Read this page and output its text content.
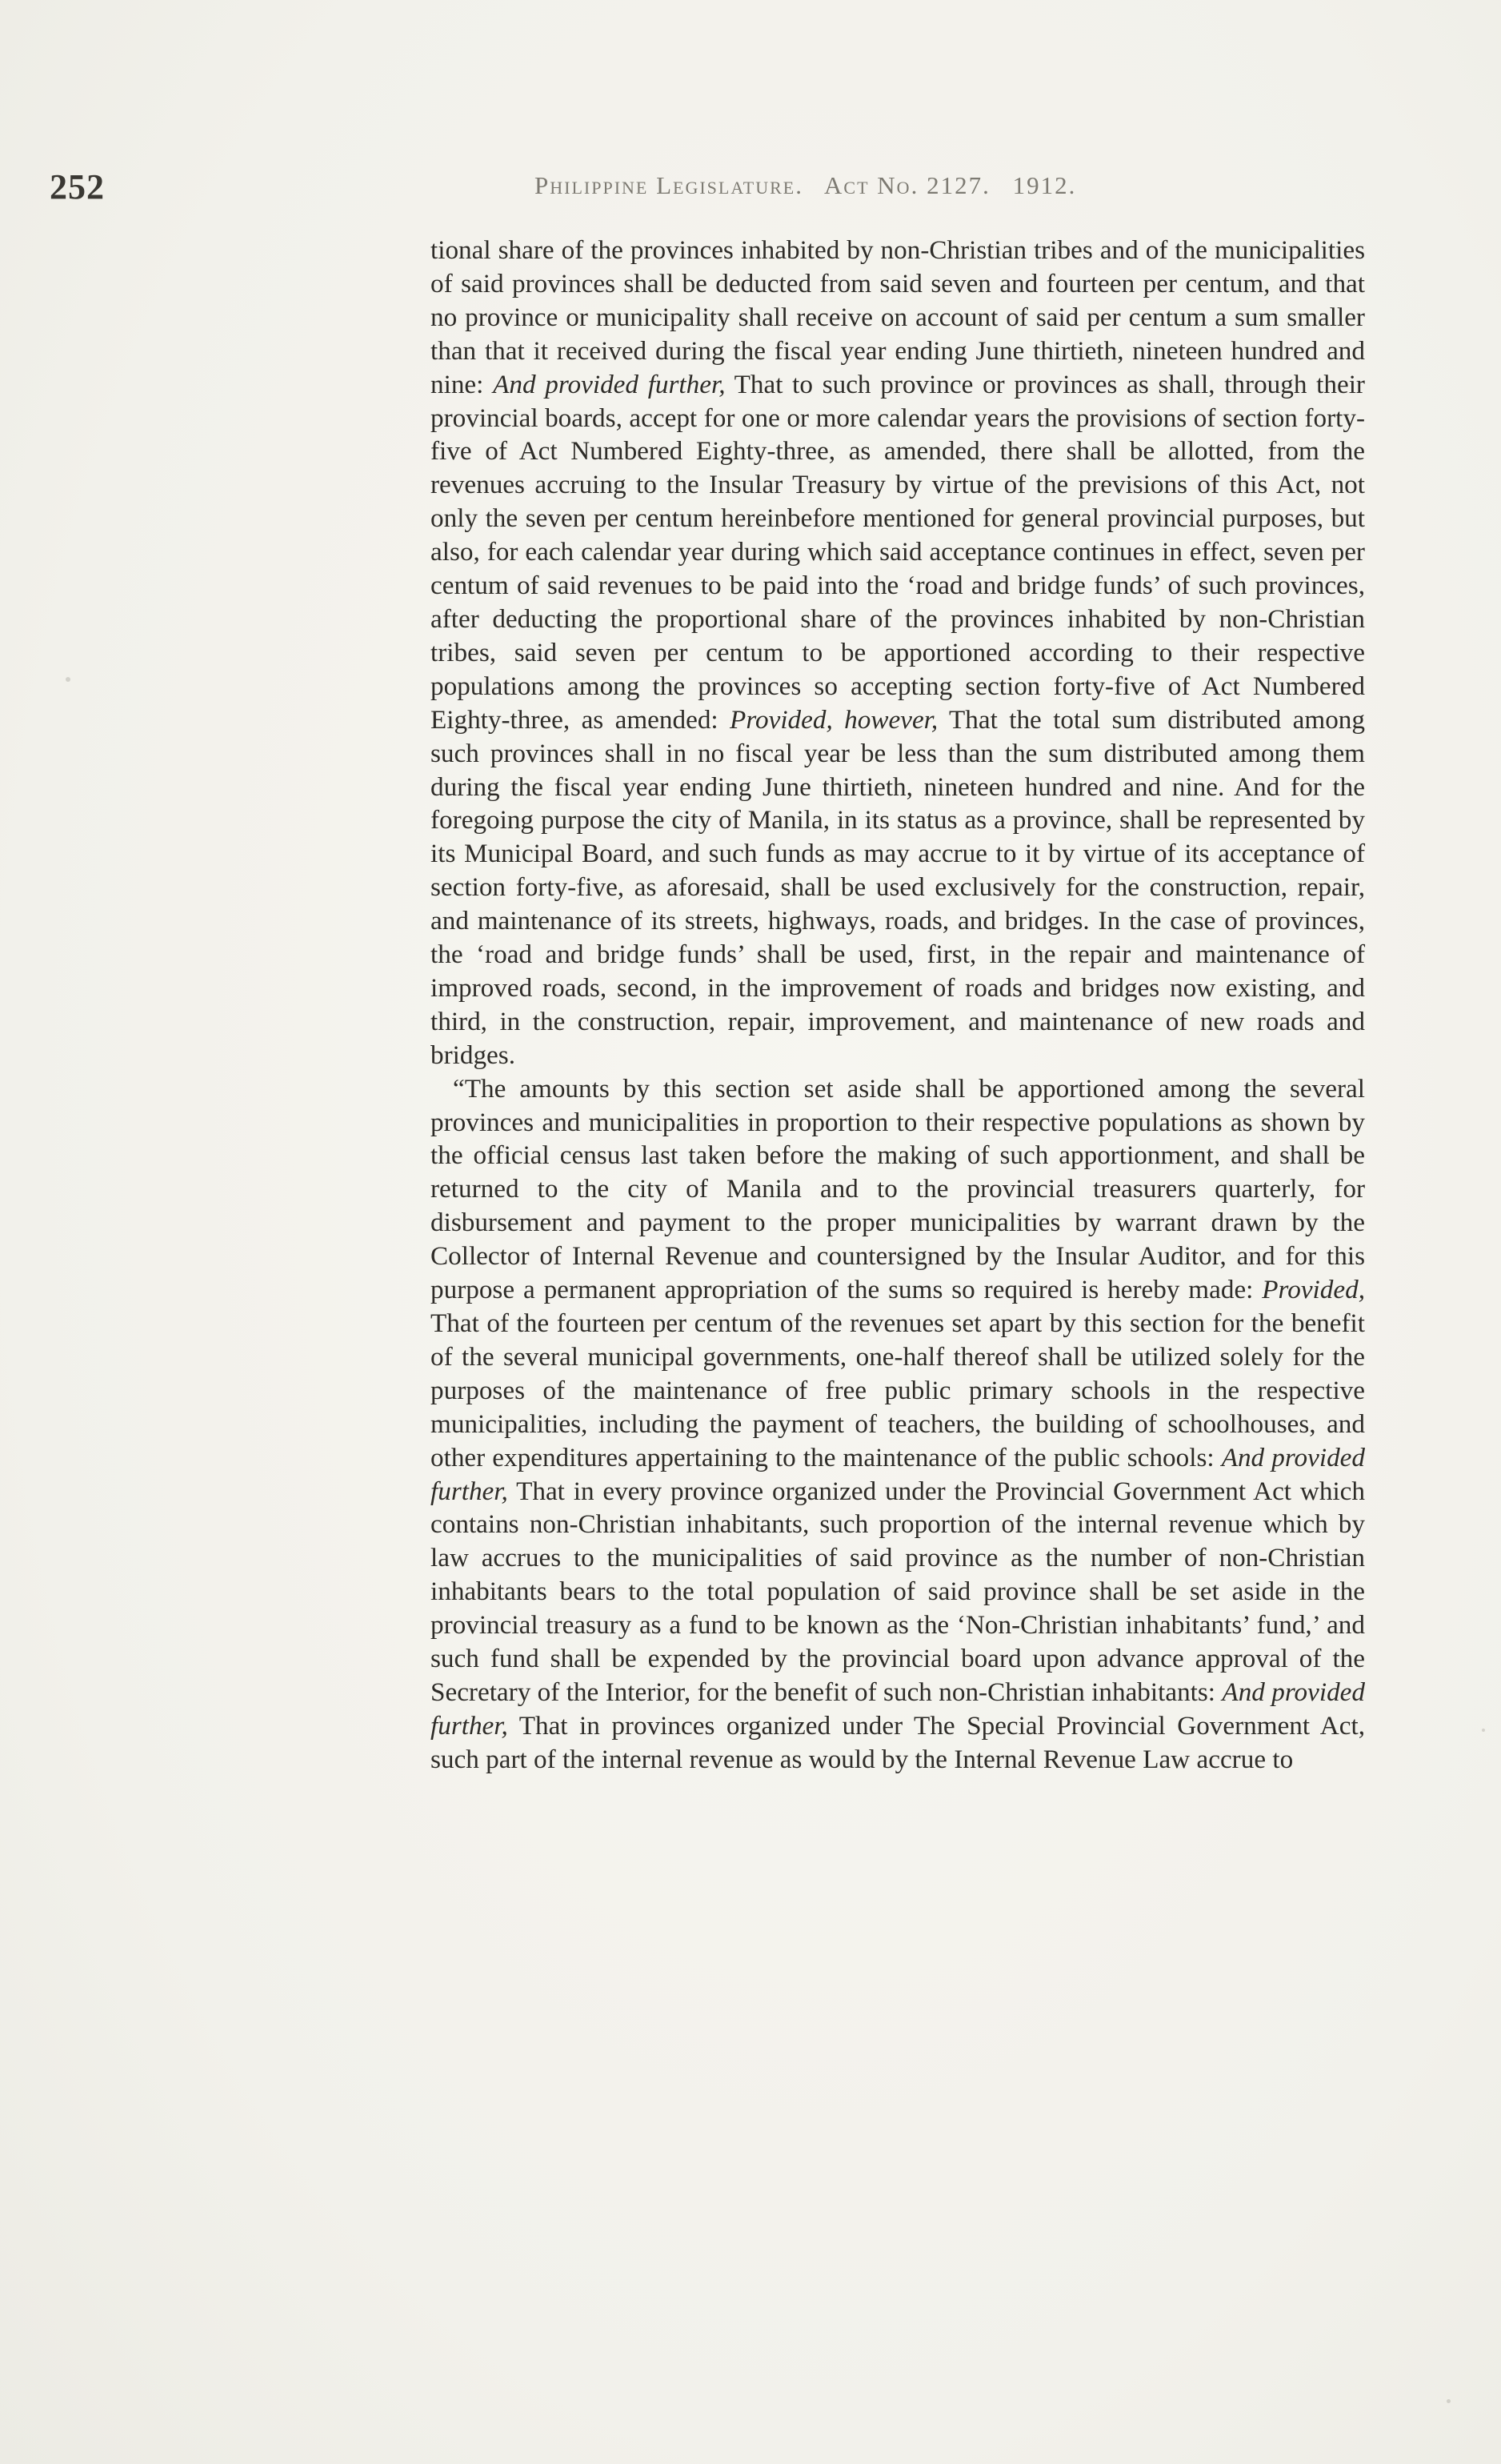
252	Philippine Legislature. Act No. 2127. 1912.

tional share of the provinces inhabited by non-Christian tribes and of the municipalities of said provinces shall be deducted from said seven and fourteen per centum, and that no province or municipality shall receive on account of said per centum a sum smaller than that it received during the fiscal year ending June thirtieth, nineteen hundred and nine: And provided further, That to such province or provinces as shall, through their provincial boards, accept for one or more calendar years the provisions of section forty-five of Act Numbered Eighty-three, as amended, there shall be allotted, from the revenues accruing to the Insular Treasury by virtue of the previsions of this Act, not only the seven per centum hereinbefore mentioned for general provincial purposes, but also, for each calendar year during which said acceptance continues in effect, seven per centum of said revenues to be paid into the ‘road and bridge funds’ of such provinces, after deducting the proportional share of the provinces inhabited by non-Christian tribes, said seven per centum to be apportioned according to their respective populations among the provinces so accepting section forty-five of Act Numbered Eighty-three, as amended: Provided, however, That the total sum distributed among such provinces shall in no fiscal year be less than the sum distributed among them during the fiscal year ending June thirtieth, nineteen hundred and nine. And for the foregoing purpose the city of Manila, in its status as a province, shall be represented by its Municipal Board, and such funds as may accrue to it by virtue of its acceptance of section forty-five, as aforesaid, shall be used exclusively for the construction, repair, and maintenance of its streets, highways, roads, and bridges. In the case of provinces, the ‘road and bridge funds’ shall be used, first, in the repair and maintenance of improved roads, second, in the improvement of roads and bridges now existing, and third, in the construction, repair, improvement, and maintenance of new roads and bridges.

“The amounts by this section set aside shall be apportioned among the several provinces and municipalities in proportion to their respective populations as shown by the official census last taken before the making of such apportionment, and shall be returned to the city of Manila and to the provincial treasurers quarterly, for disbursement and payment to the proper municipalities by warrant drawn by the Collector of Internal Revenue and countersigned by the Insular Auditor, and for this purpose a permanent appropriation of the sums so required is hereby made: Provided, That of the fourteen per centum of the revenues set apart by this section for the benefit of the several municipal governments, one-half thereof shall be utilized solely for the purposes of the maintenance of free public primary schools in the respective municipalities, including the payment of teachers, the building of schoolhouses, and other expenditures appertaining to the maintenance of the public schools: And provided further, That in every province organized under the Provincial Government Act which contains non-Christian inhabitants, such proportion of the internal revenue which by law accrues to the municipalities of said province as the number of non-Christian inhabitants bears to the total population of said province shall be set aside in the provincial treasury as a fund to be known as the ‘Non-Christian inhabitants’ fund,’ and such fund shall be expended by the provincial board upon advance approval of the Secretary of the Interior, for the benefit of such non-Christian inhabitants: And provided further, That in provinces organized under The Special Provincial Government Act, such part of the internal revenue as would by the Internal Revenue Law accrue to
